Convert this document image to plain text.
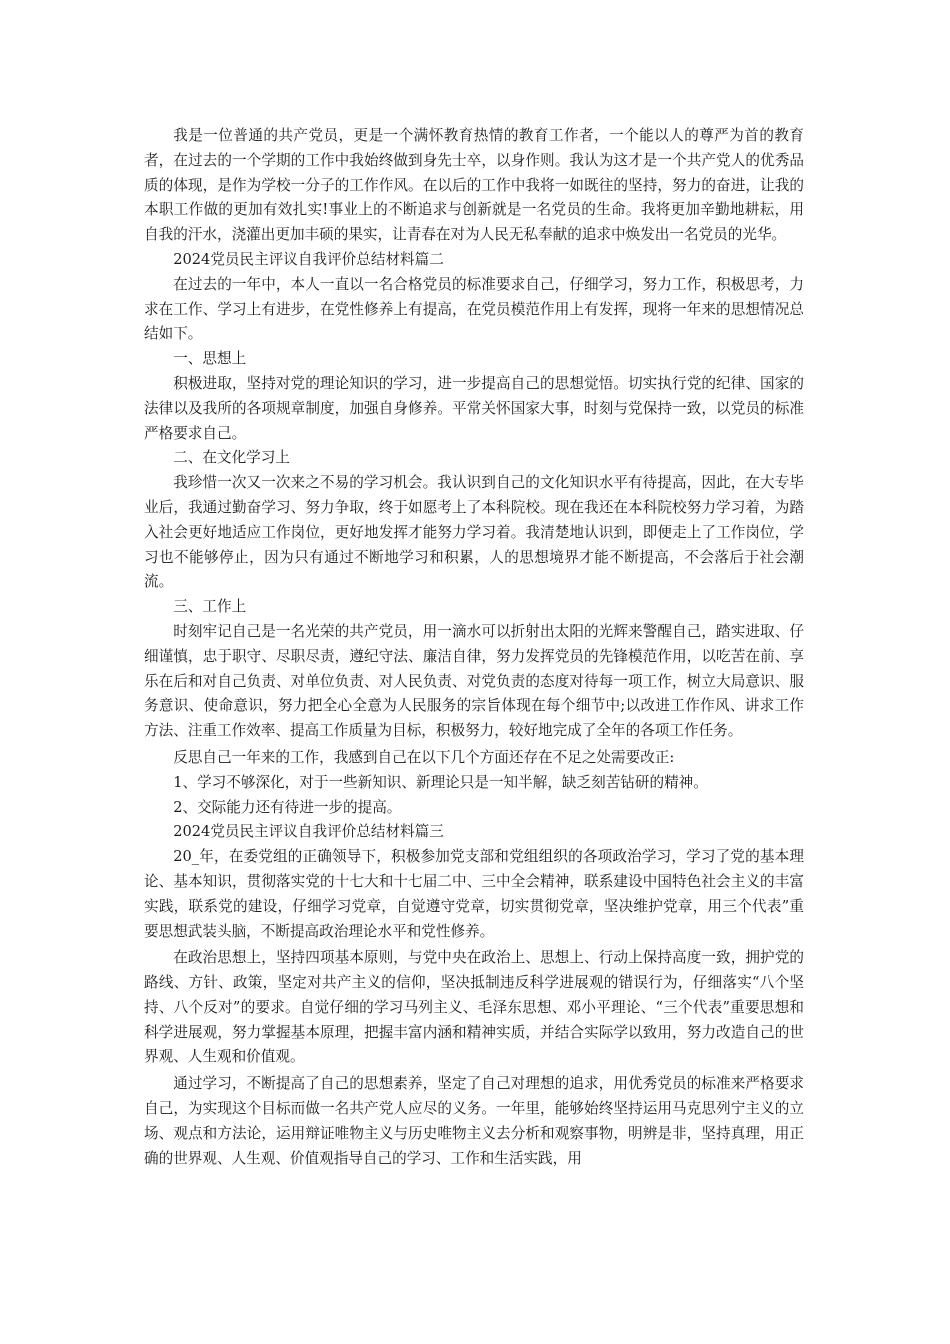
我是一位普通的共产党员，更是一个满怀教育热情的教育工作者，一个能以人的尊严为首的教育者，在过去的一个学期的工作中我始终做到身先士卒，以身作则。我认为这才是一个共产党人的优秀品质的体现，是作为学校一分子的工作作风。在以后的工作中我将一如既往的坚持，努力的奋进，让我的本职工作做的更加有效扎实!事业上的不断追求与创新就是一名党员的生命。我将更加辛勤地耕耘，用自我的汗水，浇灌出更加丰硕的果实，让青春在对为人民无私奉献的追求中焕发出一名党员的光华。

2024党员民主评议自我评价总结材料篇二

在过去的一年中，本人一直以一名合格党员的标准要求自己，仔细学习，努力工作，积极思考，力求在工作、学习上有进步，在党性修养上有提高，在党员模范作用上有发挥，现将一年来的思想情况总结如下。

一、思想上

积极进取，坚持对党的理论知识的学习，进一步提高自己的思想觉悟。切实执行党的纪律、国家的法律以及我所的各项规章制度，加强自身修养。平常关怀国家大事，时刻与党保持一致，以党员的标准严格要求自己。

二、在文化学习上

我珍惜一次又一次来之不易的学习机会。我认识到自己的文化知识水平有待提高，因此，在大专毕业后，我通过勤奋学习、努力争取，终于如愿考上了本科院校。现在我还在本科院校努力学习着，为踏入社会更好地适应工作岗位，更好地发挥才能努力学习着。我清楚地认识到，即便走上了工作岗位，学习也不能够停止，因为只有通过不断地学习和积累，人的思想境界才能不断提高，不会落后于社会潮流。

三、工作上

时刻牢记自己是一名光荣的共产党员，用一滴水可以折射出太阳的光辉来警醒自己，踏实进取、仔细谨慎，忠于职守、尽职尽责，遵纪守法、廉洁自律，努力发挥党员的先锋模范作用，以吃苦在前、享乐在后和对自己负责、对单位负责、对人民负责、对党负责的态度对待每一项工作，树立大局意识、服务意识、使命意识，努力把全心全意为人民服务的宗旨体现在每个细节中;以改进工作作风、讲求工作方法、注重工作效率、提高工作质量为目标，积极努力，较好地完成了全年的各项工作任务。

反思自己一年来的工作，我感到自己在以下几个方面还存在不足之处需要改正:

1、学习不够深化，对于一些新知识、新理论只是一知半解，缺乏刻苦钻研的精神。

2、交际能力还有待进一步的提高。

2024党员民主评议自我评价总结材料篇三

20_年，在委党组的正确领导下，积极参加党支部和党组组织的各项政治学习，学习了党的基本理论、基本知识，贯彻落实党的十七大和十七届二中、三中全会精神，联系建设中国特色社会主义的丰富实践，联系党的建设，仔细学习党章，自觉遵守党章，切实贯彻党章，坚决维护党章，用三个代表”重要思想武装头脑，不断提高政治理论水平和党性修养。

在政治思想上，坚持四项基本原则，与党中央在政治上、思想上、行动上保持高度一致，拥护党的路线、方针、政策，坚定对共产主义的信仰，坚决抵制违反科学进展观的错误行为，仔细落实“八个坚持、八个反对”的要求。自觉仔细的学习马列主义、毛泽东思想、邓小平理论、“三个代表”重要思想和科学进展观，努力掌握基本原理，把握丰富内涵和精神实质，并结合实际学以致用，努力改造自己的世界观、人生观和价值观。

通过学习，不断提高了自己的思想素养，坚定了自己对理想的追求，用优秀党员的标准来严格要求自己，为实现这个目标而做一名共产党人应尽的义务。一年里，能够始终坚持运用马克思列宁主义的立场、观点和方法论，运用辩证唯物主义与历史唯物主义去分析和观察事物，明辨是非，坚持真理，用正确的世界观、人生观、价值观指导自己的学习、工作和生活实践，用
